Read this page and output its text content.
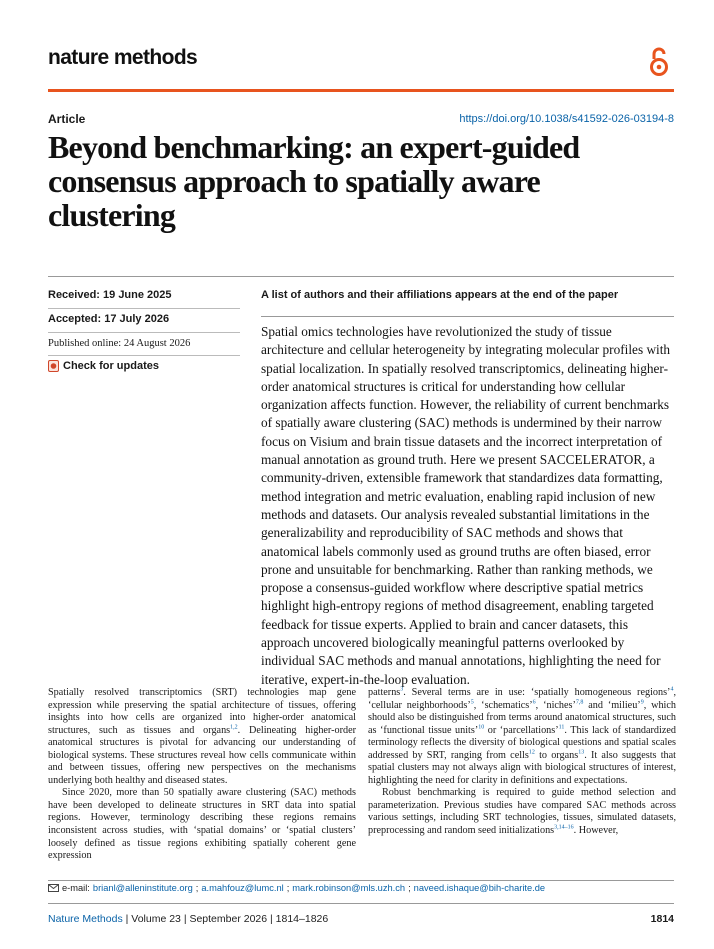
nature methods
Article	https://doi.org/10.1038/s41592-026-03194-8
Beyond benchmarking: an expert-guided consensus approach to spatially aware clustering
Received: 19 June 2025
Accepted: 17 July 2026
Published online: 24 August 2026
Check for updates
A list of authors and their affiliations appears at the end of the paper

Spatial omics technologies have revolutionized the study of tissue architecture and cellular heterogeneity by integrating molecular profiles with spatial localization. In spatially resolved transcriptomics, delineating higher-order anatomical structures is critical for understanding how cellular organization affects function. However, the reliability of current benchmarks of spatially aware clustering (SAC) methods is undermined by their narrow focus on Visium and brain tissue datasets and the incorrect interpretation of manual annotation as ground truth. Here we present SACCELERATOR, a community-driven, extensible framework that standardizes data formatting, method integration and metric evaluation, enabling rapid inclusion of new methods and datasets. Our analysis revealed substantial limitations in the generalizability and reproducibility of SAC methods and shows that anatomical labels commonly used as ground truths are often biased, error prone and unsuitable for benchmarking. Rather than ranking methods, we propose a consensus-guided workflow where descriptive spatial metrics highlight high-entropy regions of method disagreement, enabling targeted feedback for tissue experts. Applied to brain and cancer datasets, this approach uncovered biologically meaningful patterns overlooked by individual SAC methods and manual annotations, highlighting the need for iterative, expert-in-the-loop evaluation.

Spatially resolved transcriptomics (SRT) technologies map gene expression while preserving the spatial architecture of tissues, offering insights into how cells are organized into higher-order anatomical structures, such as tissues and organs$^{1,2}$. Delineating higher-order anatomical structures is pivotal for advancing our understanding of biological systems. These structures reveal how cells communicate within and between tissues, offering new perspectives on the mechanisms underlying both healthy and diseased states.

Since 2020, more than 50 spatially aware clustering (SAC) methods have been developed to delineate structures in SRT data into spatial regions. However, terminology describing these regions remains inconsistent across studies, with ‘spatial domains’ or ‘spatial clusters’ loosely defined as tissue regions exhibiting spatially coherent gene expression

patterns$^3$. Several terms are in use: ‘spatially homogeneous regions’$^4$, ‘cellular neighborhoods’$^5$, ‘schematics’$^6$, ‘niches’$^{7,8}$ and ‘milieu’$^9$, which should also be distinguished from terms around anatomical structures, such as ‘functional tissue units’$^{10}$ or ‘parcellations’$^{11}$. This lack of standardized terminology reflects the diversity of biological questions and spatial scales addressed by SRT, ranging from cells$^{12}$ to organs$^{13}$. It also suggests that spatial clusters may not always align with biological structures of interest, highlighting the need for clarity in definitions and expectations.

Robust benchmarking is required to guide method selection and parameterization. Previous studies have compared SAC methods across various settings, including SRT technologies, tissues, simulated datasets, preprocessing and random seed initializations$^{3,14-16}$. However,

e-mail: brianl@alleninstitute.org ; a.mahfouz@lumc.nl ; mark.robinson@mls.uzh.ch ; naveed.ishaque@bih-charite.de
Nature Methods | Volume 23 | September 2026 | 1814–1826	1814
